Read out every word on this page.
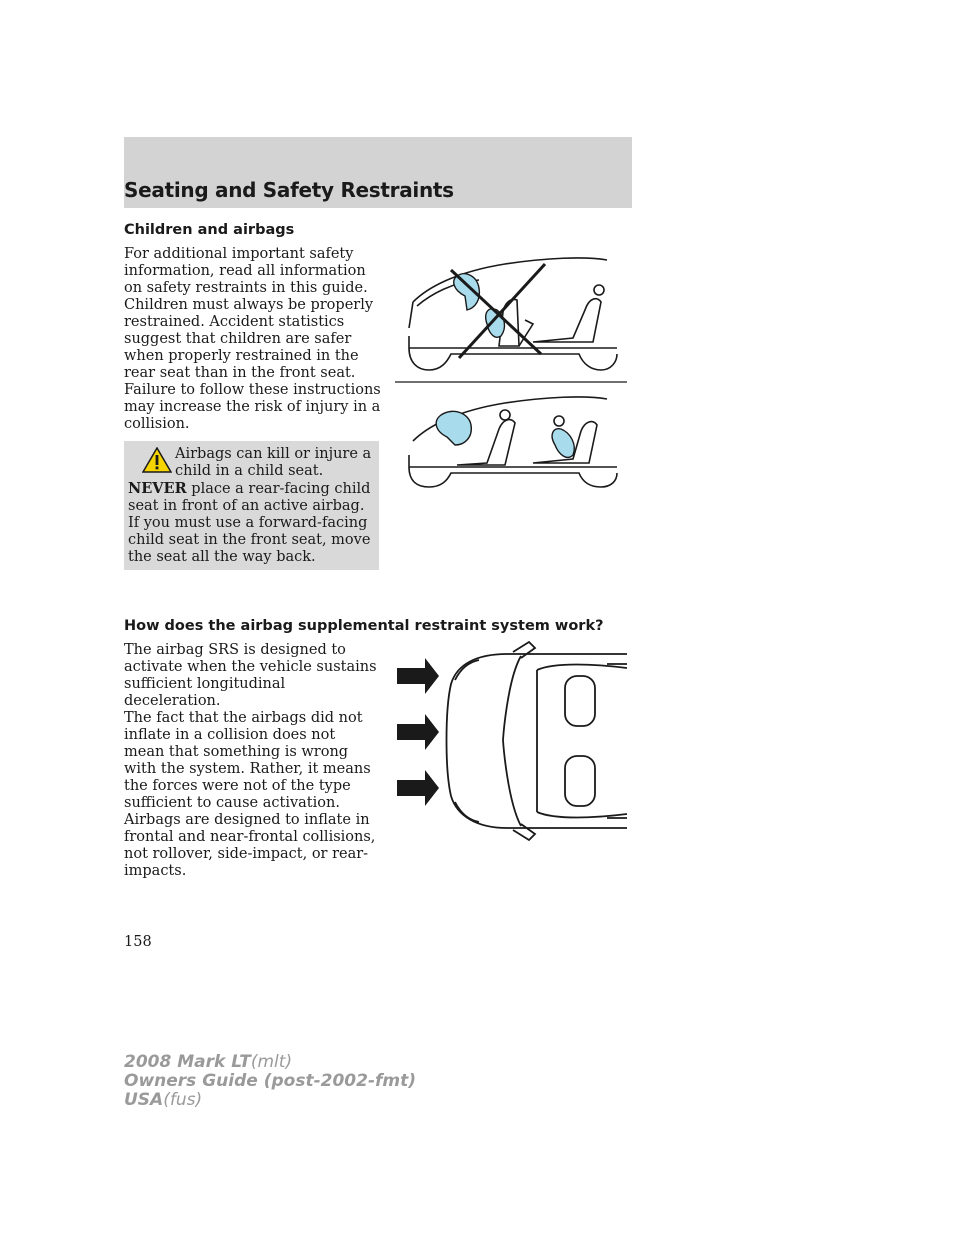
Seating and Safety Restraints
Children and airbags

For additional important safety information, read all information on safety restraints in this guide.

Children must always be properly restrained. Accident statistics suggest that children are safer when properly restrained in the rear seat than in the front seat. Failure to follow these instructions may increase the risk of injury in a collision.

Airbags can kill or injure a child in a child seat.

NEVER place a rear-facing child seat in front of an active airbag. If you must use a forward-facing child seat in the front seat, move the seat all the way back.

How does the airbag supplemental restraint system work?

The airbag SRS is designed to activate when the vehicle sustains sufficient longitudinal deceleration.

The fact that the airbags did not inflate in a collision does not mean that something is wrong with the system. Rather, it means the forces were not of the type sufficient to cause activation. Airbags are designed to inflate in frontal and near-frontal collisions, not rollover, side-impact, or rear-impacts.

158
2008 Mark LT(mlt)
Owners Guide (post-2002-fmt)
USA(fus)
